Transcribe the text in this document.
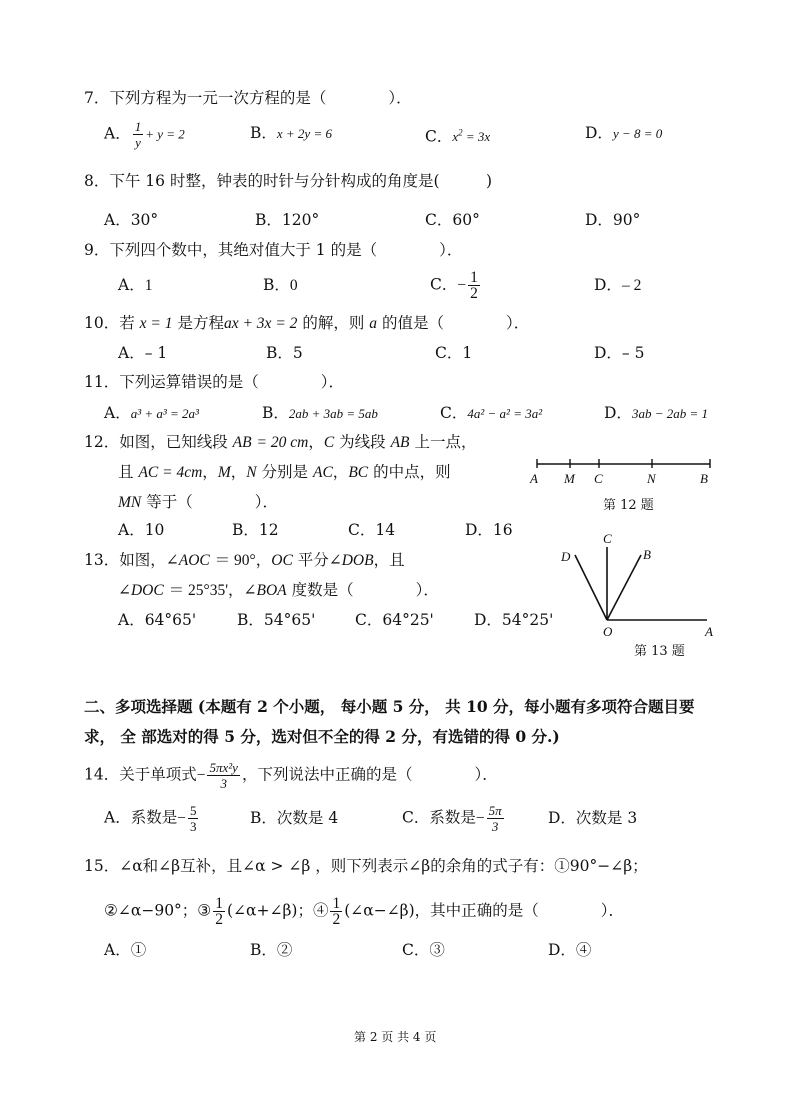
7．下列方程为一元一次方程的是（　　　　）．
A． $\frac{1}{y} + y = 2$	B．x + 2y = 6	C．$x^2 = 3x$	D．y − 8 = 0
8．下午 16 时整，钟表的时针与分针构成的角度是(　　　)
A．30°	B．120°	C．60°	D．90°
9．下列四个数中，其绝对值大于 1 的是（　　　　）．
A．1	B．0	C．− $\frac{1}{2}$	D．– 2
10．若 x = 1 是方程ax + 3x = 2 的解，则 a 的值是（　　　　）．
A．– 1	B．5	C．1	D．– 5
11．下列运算错误的是（　　　　）．
A．a³ + a³ = 2a³	B．2ab + 3ab = 5ab	C．4a² − a² = 3a²	D．3ab − 2ab = 1
12．如图，已知线段 AB = 20 cm，C 为线段 AB 上一点，
且 AC = 4cm，M，N 分别是 AC，BC 的中点，则
MN 等于（　　　　）．
A．10	B．12	C．14	D．16
A M C	N	B
第 12 题
13．如图，∠AOC ＝ 90°，OC 平分∠DOB，且
∠DOC ＝ 25°35'，∠BOA 度数是（　　　　）．
A．64°65'	B．54°65'	C．64°25'	D．54°25'
D
C
B
O	A
第 13 题
二、多项选择题 (本题有 2 个小题， 每小题 5 分， 共 10 分，每小题有多项符合题目要
求， 全 部选对的得 5 分，选对但不全的得 2 分，有选错的得 0 分.)
14．关于单项式− $\frac{\text{5πx²y}}{3}$ ，下列说法中正确的是（　　　　）．
A．系数是− $\frac{5}{3}$	B．次数是 4	C．系数是− $\frac{5\pi}{3}$	D．次数是 3
15．∠α和∠β互补，且∠α > ∠β ，则下列表示∠β的余角的式子有：①90°−∠β；
②∠α−90°；③ $\frac{1}{2}$ (∠α+∠β)；④ $\frac{1}{2}$ (∠α−∠β)，其中正确的是（　　　　）．
A．①	B．②	C．③	D．④
第 2 页 共 4 页
